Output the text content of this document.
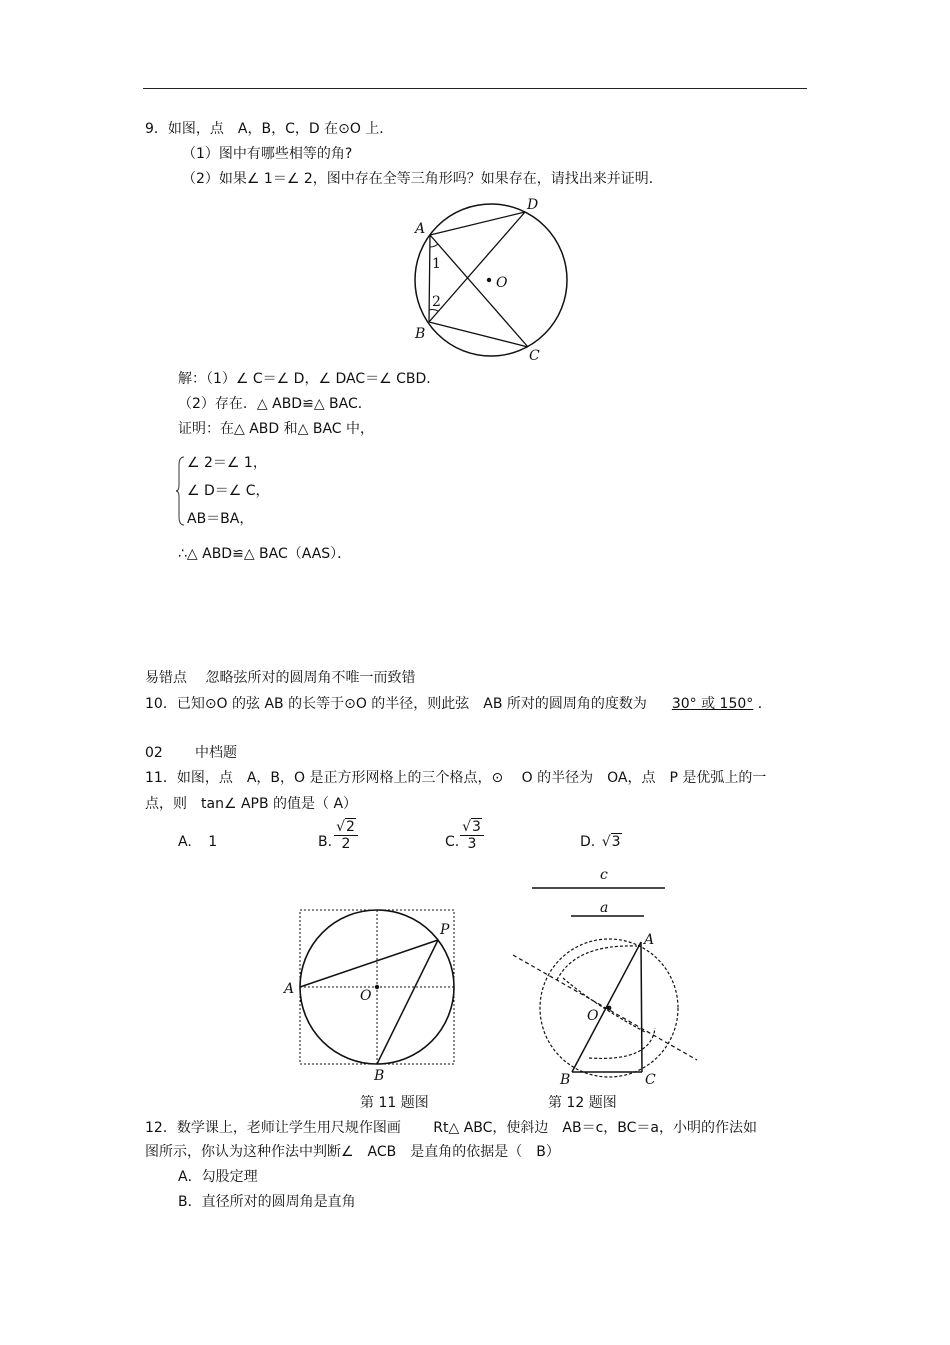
9．如图，点　A，B，C，D 在⊙O 上．
（1）图中有哪些相等的角?
（2）如果∠ 1＝∠ 2，图中存在全等三角形吗？如果存在，请找出来并证明．
A
D
B
C
O
1
2
解：（1）∠ C＝∠ D，∠ DAC＝∠ CBD．
（2）存在．△ ABD≌△ BAC．
证明：在△ ABD 和△ BAC 中，
∠ 2＝∠ 1，
∠ D＝∠ C，
AB＝BA，
∴△ ABD≌△ BAC（AAS）．
易错点　 忽略弦所对的圆周角不唯一而致错
10．已知⊙O 的弦 AB 的长等于⊙O 的半径，则此弦　AB 所对的圆周角的度数为 30° 或 150° ．
02 中档题
11．如图，点　A，B，O 是正方形网格上的三个格点，⊙　 O 的半径为　OA，点　P 是优弧上的一
点，则　tan∠ APB 的值是（ A）
A. 1	B. $\frac{√2}{2}$	C. $\frac{√3}{3}$	D. √3
A	O
P
B
c
a
A
O
B	C
第 11 题图	第 12 题图
12．数学课上，老师让学生用尺规作图画　　 Rt△ ABC，使斜边　AB＝c，BC＝a，小明的作法如
图所示，你认为这种作法中判断∠　ACB　是直角的依据是（　B）
A．勾股定理
B．直径所对的圆周角是直角
